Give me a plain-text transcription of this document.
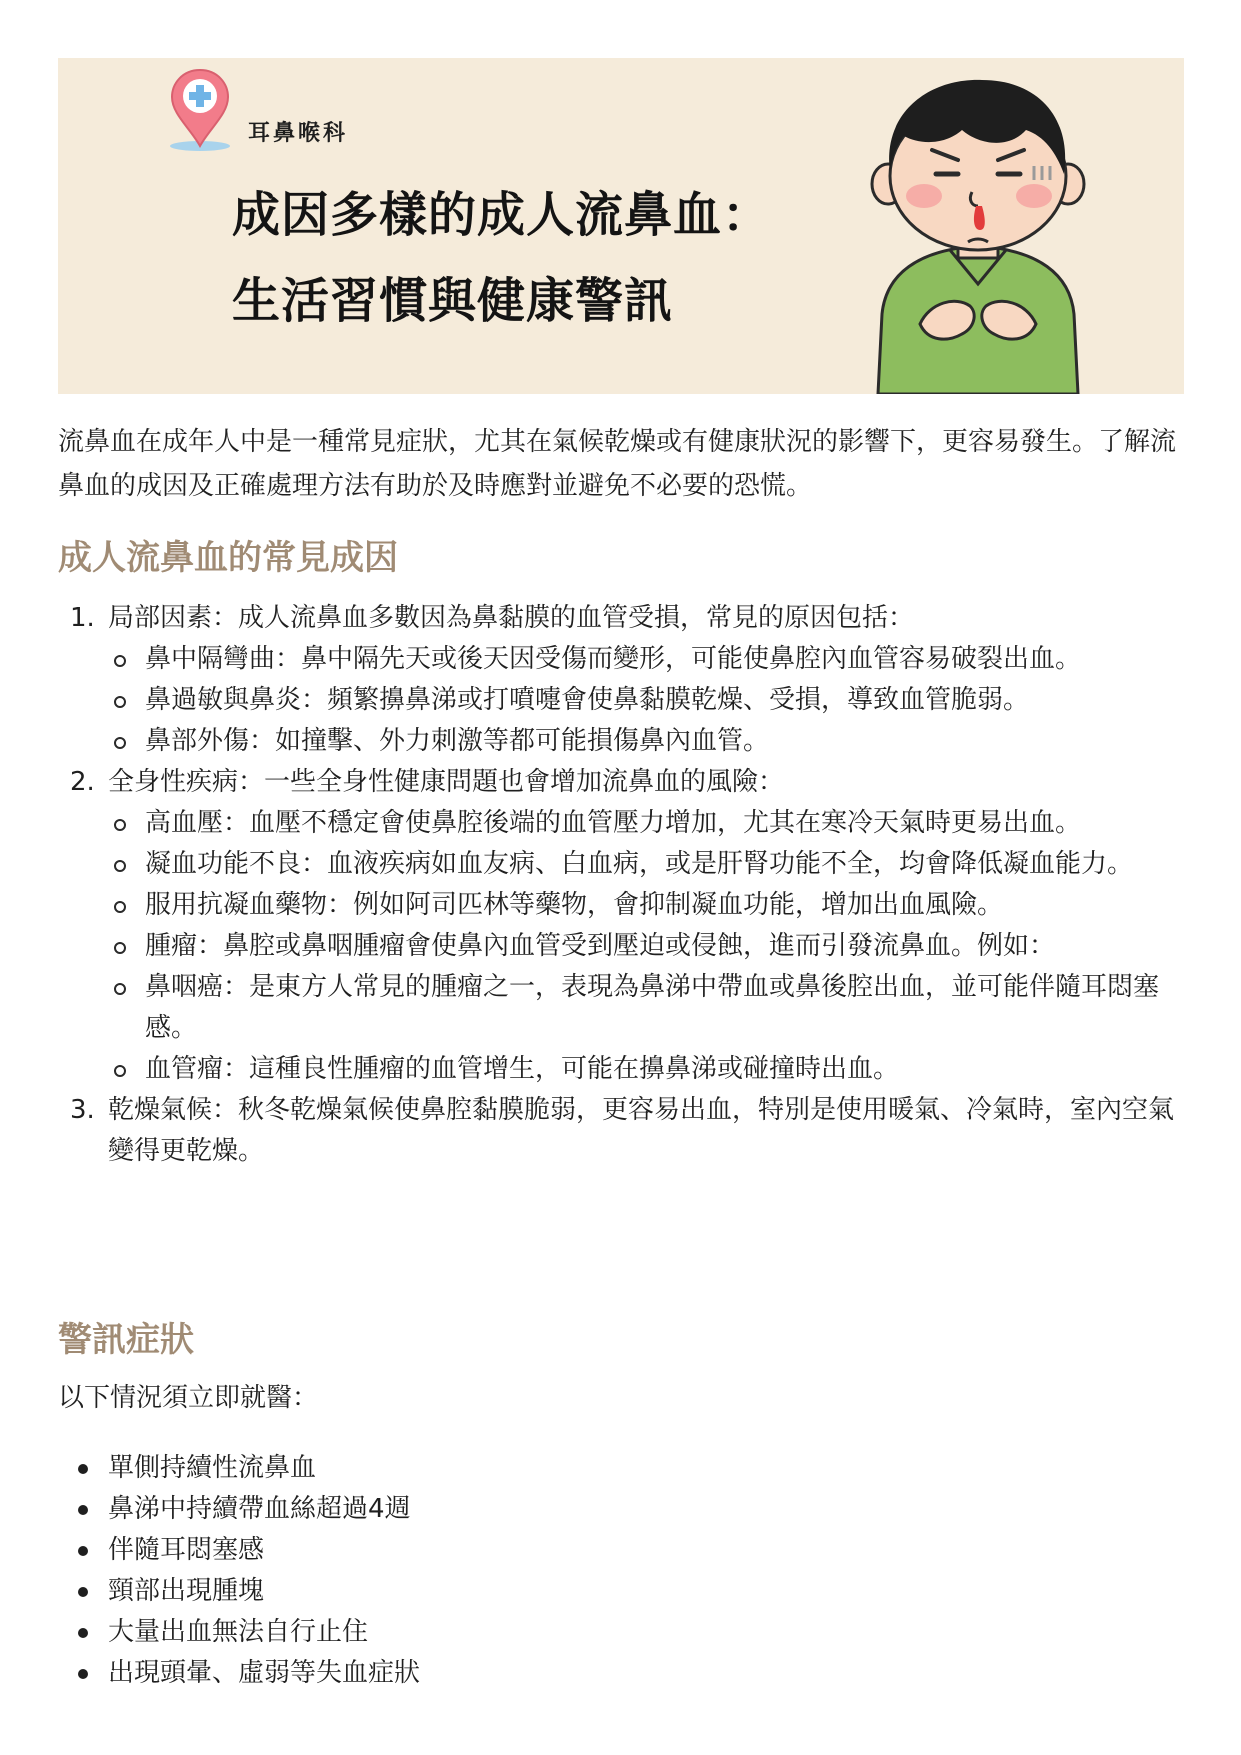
耳鼻喉科
成因多樣的成人流鼻血：
生活習慣與健康警訊

流鼻血在成年人中是一種常見症狀，尤其在氣候乾燥或有健康狀況的影響下，更容易發生。了解流鼻血的成因及正確處理方法有助於及時應對並避免不必要的恐慌。

成人流鼻血的常見成因
1. 局部因素：成人流鼻血多數因為鼻黏膜的血管受損，常見的原因包括：
鼻中隔彎曲：鼻中隔先天或後天因受傷而變形，可能使鼻腔內血管容易破裂出血。
鼻過敏與鼻炎：頻繁擤鼻涕或打噴嚏會使鼻黏膜乾燥、受損，導致血管脆弱。
鼻部外傷：如撞擊、外力刺激等都可能損傷鼻內血管。
2. 全身性疾病：一些全身性健康問題也會增加流鼻血的風險：
高血壓：血壓不穩定會使鼻腔後端的血管壓力增加，尤其在寒冷天氣時更易出血。
凝血功能不良：血液疾病如血友病、白血病，或是肝腎功能不全，均會降低凝血能力。
服用抗凝血藥物：例如阿司匹林等藥物，會抑制凝血功能，增加出血風險。
腫瘤：鼻腔或鼻咽腫瘤會使鼻內血管受到壓迫或侵蝕，進而引發流鼻血。例如：
鼻咽癌：是東方人常見的腫瘤之一，表現為鼻涕中帶血或鼻後腔出血，並可能伴隨耳悶塞感。
血管瘤：這種良性腫瘤的血管增生，可能在擤鼻涕或碰撞時出血。
3. 乾燥氣候：秋冬乾燥氣候使鼻腔黏膜脆弱，更容易出血，特別是使用暖氣、冷氣時，室內空氣變得更乾燥。
警訊症狀
以下情況須立即就醫：
單側持續性流鼻血
鼻涕中持續帶血絲超過4週
伴隨耳悶塞感
頸部出現腫塊
大量出血無法自行止住
出現頭暈、虛弱等失血症狀
